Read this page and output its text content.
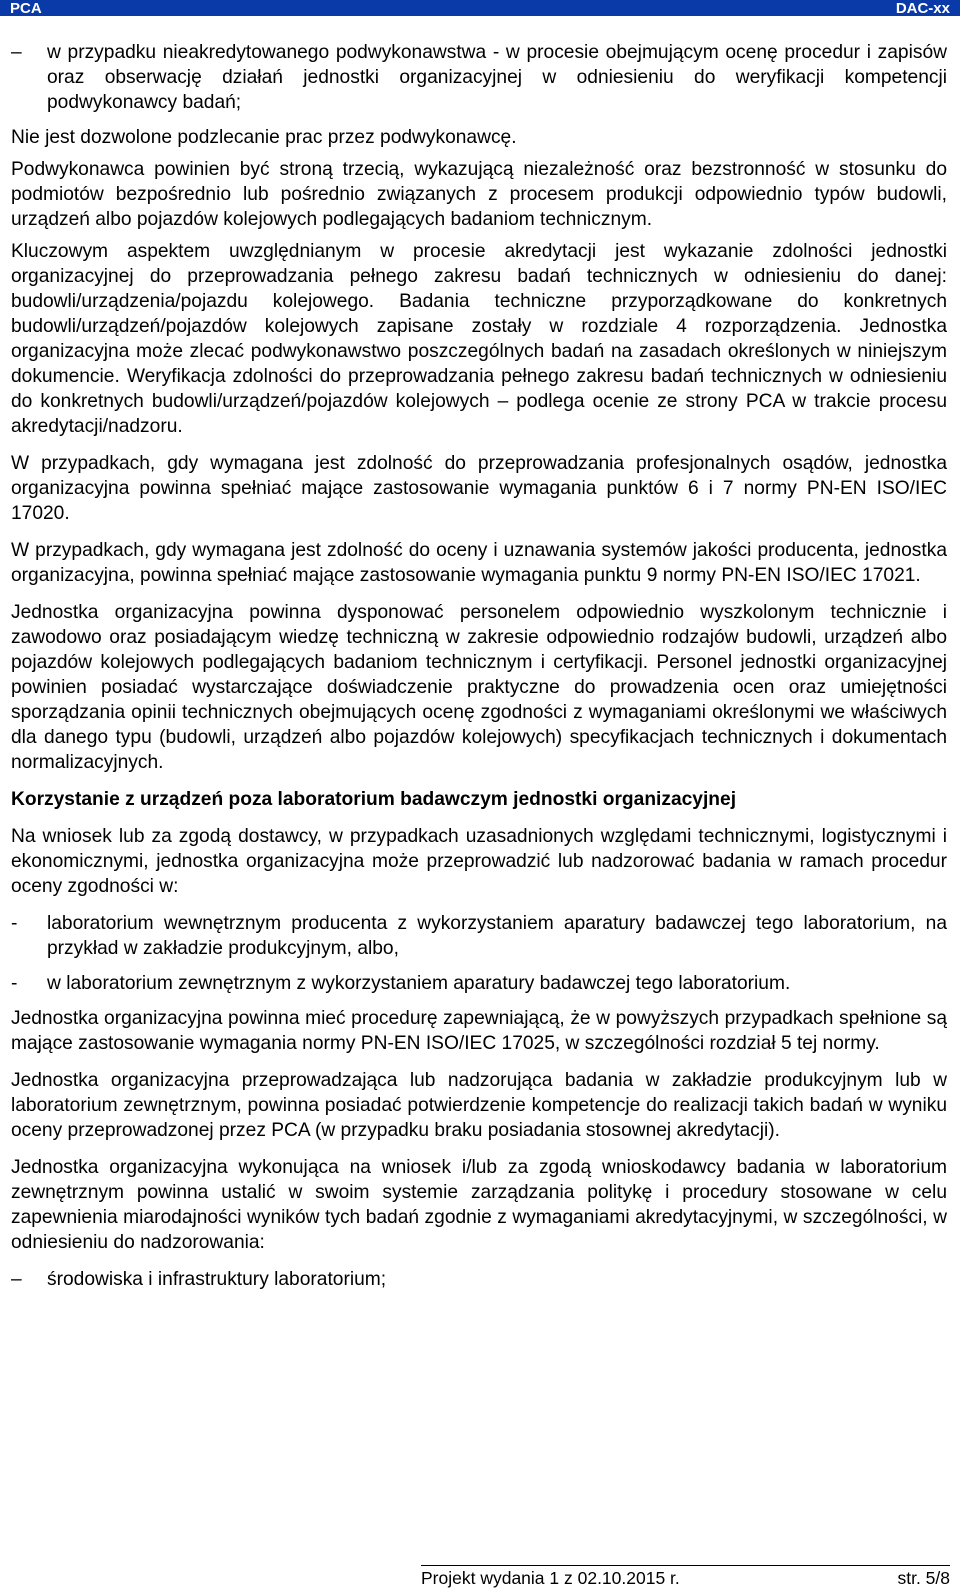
PCA	DAC-xx
–	w przypadku nieakredytowanego podwykonawstwa - w procesie obejmującym ocenę procedur i zapisów oraz obserwację działań jednostki organizacyjnej w odniesieniu do weryfikacji kompetencji podwykonawcy badań;

Nie jest dozwolone podzlecanie prac przez podwykonawcę.

Podwykonawca powinien być stroną trzecią, wykazującą niezależność oraz bezstronność w stosunku do podmiotów bezpośrednio lub pośrednio związanych z procesem produkcji odpowiednio typów budowli, urządzeń albo pojazdów kolejowych podlegających badaniom technicznym.

Kluczowym aspektem uwzględnianym w procesie akredytacji jest wykazanie zdolności jednostki organizacyjnej do przeprowadzania pełnego zakresu badań technicznych w odniesieniu do danej: budowli/urządzenia/pojazdu kolejowego. Badania techniczne przyporządkowane do konkretnych budowli/urządzeń/pojazdów kolejowych zapisane zostały w rozdziale 4 rozporządzenia. Jednostka organizacyjna może zlecać podwykonawstwo poszczególnych badań na zasadach określonych w niniejszym dokumencie. Weryfikacja zdolności do przeprowadzania pełnego zakresu badań technicznych w odniesieniu do konkretnych budowli/urządzeń/pojazdów kolejowych – podlega ocenie ze strony PCA w trakcie procesu akredytacji/nadzoru.

W przypadkach, gdy wymagana jest zdolność do przeprowadzania profesjonalnych osądów, jednostka organizacyjna powinna spełniać mające zastosowanie wymagania punktów 6 i 7 normy PN-EN ISO/IEC 17020.

W przypadkach, gdy wymagana jest zdolność do oceny i uznawania systemów jakości producenta, jednostka organizacyjna, powinna spełniać mające zastosowanie wymagania punktu 9 normy PN-EN ISO/IEC 17021.

Jednostka organizacyjna powinna dysponować personelem odpowiednio wyszkolonym technicznie i zawodowo oraz posiadającym wiedzę techniczną w zakresie odpowiednio rodzajów budowli, urządzeń albo pojazdów kolejowych podlegających badaniom technicznym i certyfikacji. Personel jednostki organizacyjnej powinien posiadać wystarczające doświadczenie praktyczne do prowadzenia ocen oraz umiejętności sporządzania opinii technicznych obejmujących ocenę zgodności z wymaganiami określonymi we właściwych dla danego typu (budowli, urządzeń albo pojazdów kolejowych) specyfikacjach technicznych i dokumentach normalizacyjnych.

Korzystanie z urządzeń poza laboratorium badawczym jednostki organizacyjnej

Na wniosek lub za zgodą dostawcy, w przypadkach uzasadnionych względami technicznymi, logistycznymi i ekonomicznymi, jednostka organizacyjna może przeprowadzić lub nadzorować badania w ramach procedur oceny zgodności w:

-	laboratorium wewnętrznym producenta z wykorzystaniem aparatury badawczej tego laboratorium, na przykład w zakładzie produkcyjnym, albo,
-	w laboratorium zewnętrznym z wykorzystaniem aparatury badawczej tego laboratorium.

Jednostka organizacyjna powinna mieć procedurę zapewniającą, że w powyższych przypadkach spełnione są mające zastosowanie wymagania normy PN-EN ISO/IEC 17025, w szczególności rozdział 5 tej normy.

Jednostka organizacyjna przeprowadzająca lub nadzorująca badania w zakładzie produkcyjnym lub w laboratorium zewnętrznym, powinna posiadać potwierdzenie kompetencje do realizacji takich badań w wyniku oceny przeprowadzonej przez PCA (w przypadku braku posiadania stosownej akredytacji).

Jednostka organizacyjna wykonująca na wniosek i/lub za zgodą wnioskodawcy badania w laboratorium zewnętrznym powinna ustalić w swoim systemie zarządzania politykę i procedury stosowane w celu zapewnienia miarodajności wyników tych badań zgodnie z wymaganiami akredytacyjnymi, w szczególności, w odniesieniu do nadzorowania:

–	środowiska i infrastruktury laboratorium;
Projekt wydania 1 z 02.10.2015 r.	str. 5/8
